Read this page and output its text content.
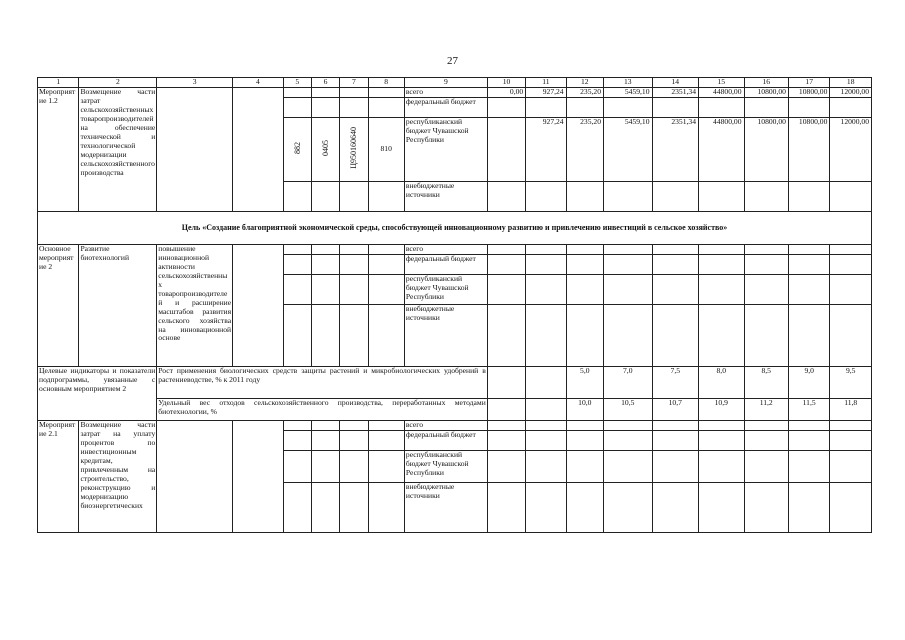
27
1	2	3	4	5	6	7	8	9	10	11	12	13	14	15	16	17	18
Мероприятие 1.2	Возмещение части затрат сельскохозяйственных товаропроизводителей на обеспечение технической и технологической модернизации сельскохозяйственного производства							всего	0,00	927,24	235,20	5459,10	2351,34	44800,00	10800,00	10800,00	12000,00
								федеральный бюджет									
				882	0405	Ц950160640	810	республиканский бюджет Чувашской Республики		927,24	235,20	5459,10	2351,34	44800,00	10800,00	10800,00	12000,00
								внебюджетные источники									
Цель «Создание благоприятной экономической среды, способствующей инновационному развитию и привлечению инвестиций в сельское хозяйство»																	
Основное мероприятие 2	Развитие биотехнологий	повышение инновационной активности сельскохозяйственных товаропроизводителей и расширение масштабов развития сельского хозяйства на инновационной основе						всего									
								федеральный бюджет									
								республиканский бюджет Чувашской Республики									
								внебюджетные источники									
Целевые индикаторы и показатели подпрограммы, увязанные с основным мероприятием 2		Рост применения биологических средств защиты растений и микробиологических удобрений в растениеводстве, % к 2011 году									5,0	7,0	7,5	8,0	8,5	9,0	9,5
		Удельный вес отходов сельскохозяйственного производства, переработанных методами биотехнологии, %									10,0	10,5	10,7	10,9	11,2	11,5	11,8
Мероприятие 2.1	Возмещение части затрат на уплату процентов по инвестиционным кредитам, привлеченным на строительство, реконструкцию и модернизацию биоэнергетических							всего									
								федеральный бюджет									
								республиканский бюджет Чувашской Республики									
								внебюджетные источники									
